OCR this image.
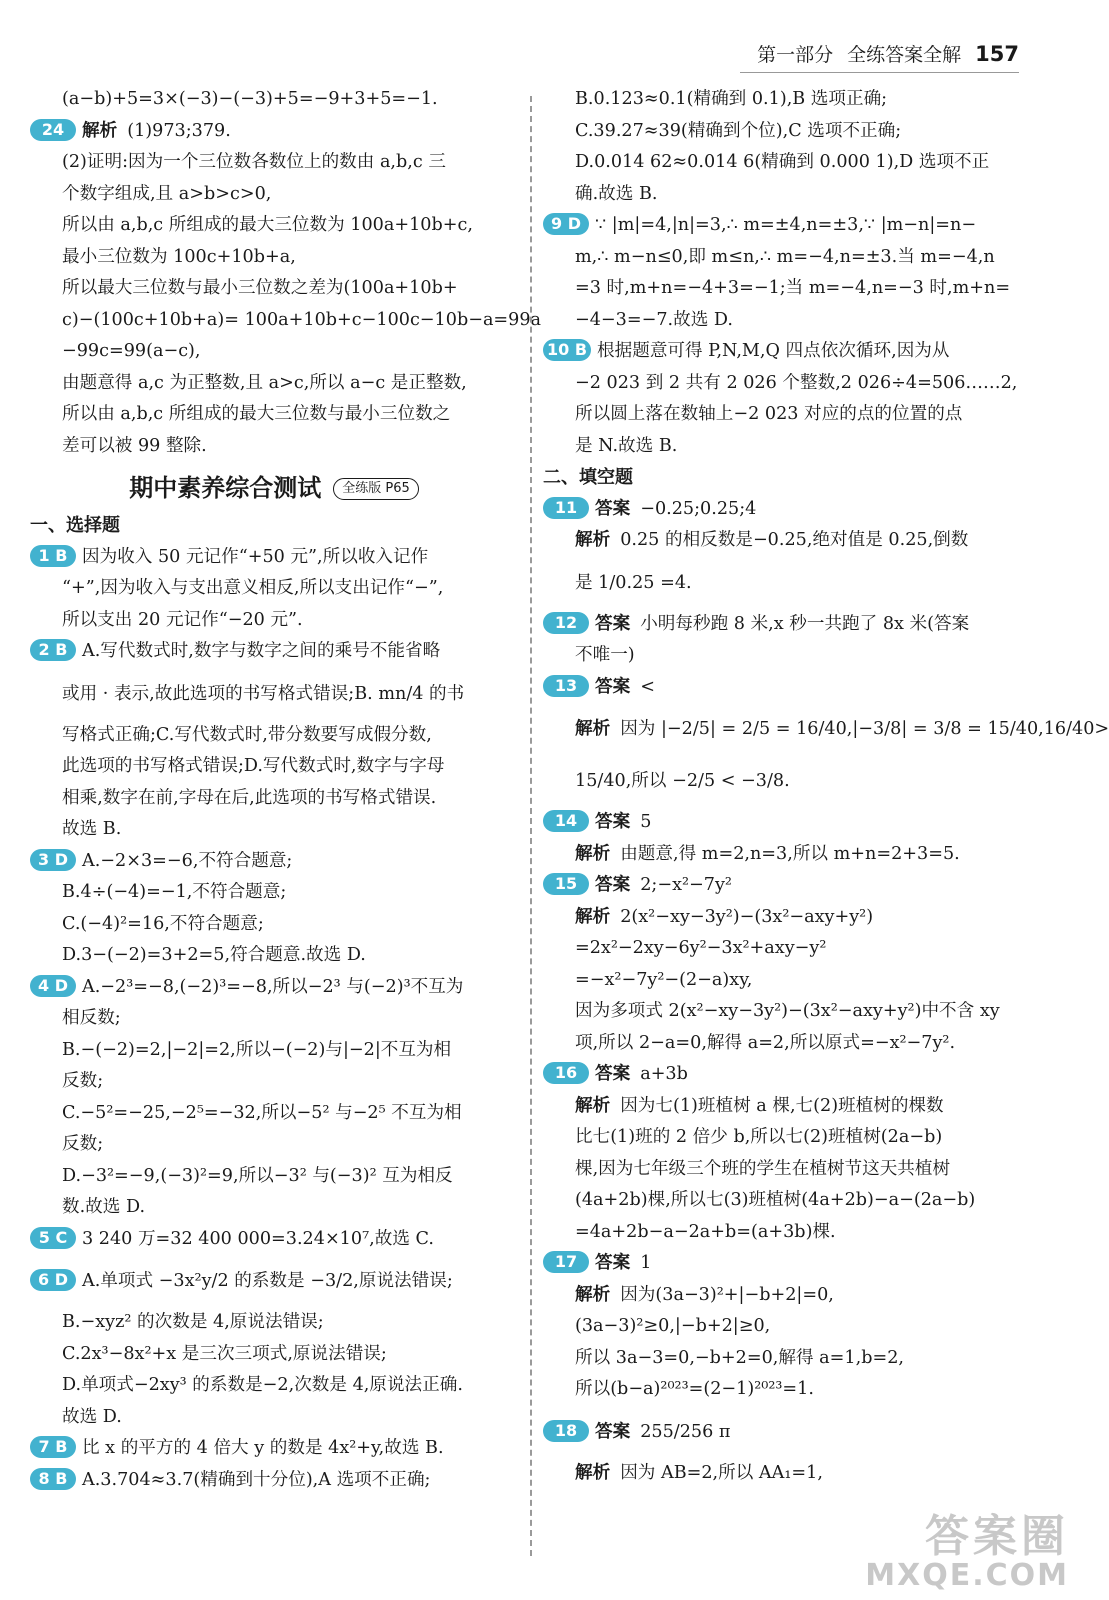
第一部分 全练答案全解 157
(a−b)+5=3×(−3)−(−3)+5=−9+3+5=−1.
24 解析 (1)973;379.
(2)证明:因为一个三位数各数位上的数由 a,b,c 三
个数字组成,且 a>b>c>0,
所以由 a,b,c 所组成的最大三位数为 100a+10b+c,
最小三位数为 100c+10b+a,
所以最大三位数与最小三位数之差为(100a+10b+
c)−(100c+10b+a)= 100a+10b+c−100c−10b−a=99a
−99c=99(a−c),
由题意得 a,c 为正整数,且 a>c,所以 a−c 是正整数,
所以由 a,b,c 所组成的最大三位数与最小三位数之
差可以被 99 整除.
期中素养综合测试 全练版 P65
一、选择题
1 B 因为收入 50 元记作“+50 元”,所以收入记作
“+”,因为收入与支出意义相反,所以支出记作“−”,
所以支出 20 元记作“−20 元”.
2 B A.写代数式时,数字与数字之间的乘号不能省略
或用 · 表示,故此选项的书写格式错误;B. mn/4 的书
写格式正确;C.写代数式时,带分数要写成假分数,
此选项的书写格式错误;D.写代数式时,数字与字母
相乘,数字在前,字母在后,此选项的书写格式错误.
故选 B.
3 D A.−2×3=−6,不符合题意;
B.4÷(−4)=−1,不符合题意;
C.(−4)²=16,不符合题意;
D.3−(−2)=3+2=5,符合题意.故选 D.
4 D A.−2³=−8,(−2)³=−8,所以−2³ 与(−2)³不互为
相反数;
B.−(−2)=2,|−2|=2,所以−(−2)与|−2|不互为相
反数;
C.−5²=−25,−2⁵=−32,所以−5² 与−2⁵ 不互为相
反数;
D.−3²=−9,(−3)²=9,所以−3² 与(−3)² 互为相反
数.故选 D.
5 C 3 240 万=32 400 000=3.24×10⁷,故选 C.
6 D A.单项式 −3x²y/2 的系数是 −3/2,原说法错误;
B.−xyz² 的次数是 4,原说法错误;
C.2x³−8x²+x 是三次三项式,原说法错误;
D.单项式−2xy³ 的系数是−2,次数是 4,原说法正确.
故选 D.
7 B 比 x 的平方的 4 倍大 y 的数是 4x²+y,故选 B.
8 B A.3.704≈3.7(精确到十分位),A 选项不正确;
B.0.123≈0.1(精确到 0.1),B 选项正确;
C.39.27≈39(精确到个位),C 选项不正确;
D.0.014 62≈0.014 6(精确到 0.000 1),D 选项不正
确.故选 B.
9 D ∵ |m|=4,|n|=3,∴ m=±4,n=±3,∵ |m−n|=n−
m,∴ m−n≤0,即 m≤n,∴ m=−4,n=±3.当 m=−4,n
=3 时,m+n=−4+3=−1;当 m=−4,n=−3 时,m+n=
−4−3=−7.故选 D.
10 B 根据题意可得 P,N,M,Q 四点依次循环,因为从
−2 023 到 2 共有 2 026 个整数,2 026÷4=506……2,
所以圆上落在数轴上−2 023 对应的点的位置的点
是 N.故选 B.
二、填空题
11 答案 −0.25;0.25;4
解析 0.25 的相反数是−0.25,绝对值是 0.25,倒数
是 1/0.25 =4.
12 答案 小明每秒跑 8 米,x 秒一共跑了 8x 米(答案
不唯一)
13 答案 <
解析 因为 |−2/5| = 2/5 = 16/40,|−3/8| = 3/8 = 15/40,16/40>
15/40,所以 −2/5 < −3/8.
14 答案 5
解析 由题意,得 m=2,n=3,所以 m+n=2+3=5.
15 答案 2;−x²−7y²
解析 2(x²−xy−3y²)−(3x²−axy+y²)
=2x²−2xy−6y²−3x²+axy−y²
=−x²−7y²−(2−a)xy,
因为多项式 2(x²−xy−3y²)−(3x²−axy+y²)中不含 xy
项,所以 2−a=0,解得 a=2,所以原式=−x²−7y².
16 答案 a+3b
解析 因为七(1)班植树 a 棵,七(2)班植树的棵数
比七(1)班的 2 倍少 b,所以七(2)班植树(2a−b)
棵,因为七年级三个班的学生在植树节这天共植树
(4a+2b)棵,所以七(3)班植树(4a+2b)−a−(2a−b)
=4a+2b−a−2a+b=(a+3b)棵.
17 答案 1
解析 因为(3a−3)²+|−b+2|=0,
(3a−3)²≥0,|−b+2|≥0,
所以 3a−3=0,−b+2=0,解得 a=1,b=2,
所以(b−a)²⁰²³=(2−1)²⁰²³=1.
18 答案 255/256 π
解析 因为 AB=2,所以 AA₁=1,
答案圈
MXQE.COM
